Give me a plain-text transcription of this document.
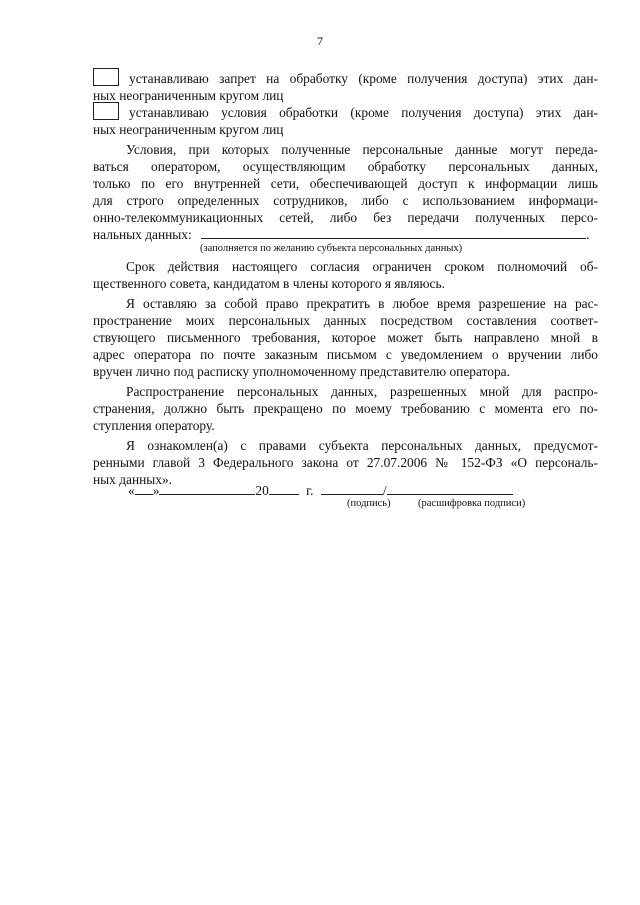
7
устанавливаю запрет на обработку (кроме получения доступа) этих дан-
ных неограниченным кругом лиц
устанавливаю условия обработки (кроме получения доступа) этих дан-
ных неограниченным кругом лиц
Условия, при которых полученные персональные данные могут переда-
ваться оператором, осуществляющим обработку персональных данных,
только по его внутренней сети, обеспечивающей доступ к информации лишь
для строго определенных сотрудников, либо с использованием информаци-
онно-телекоммуникационных сетей, либо без передачи полученных персо-
нальных данных:	.
(заполняется по желанию субъекта персональных данных)
Срок действия настоящего согласия ограничен сроком полномочий об-
щественного совета, кандидатом в члены которого я являюсь.
Я оставляю за собой право прекратить в любое время разрешение на рас-
пространение моих персональных данных посредством составления соответ-
ствующего письменного требования, которое может быть направлено мной в
адрес оператора по почте заказным письмом с уведомлением о вручении либо
вручен лично под расписку уполномоченному представителю оператора.
Распространение персональных данных, разрешенных мной для распро-
странения, должно быть прекращено по моему требованию с момента его по-
ступления оператору.
Я ознакомлен(а) с правами субъекта персональных данных, предусмот-
ренными главой 3 Федерального закона от 27.07.2006 № 152-ФЗ «О персональ-
ных данных».
« »	20	г.	/
(подпись)	(расшифровка подписи)
